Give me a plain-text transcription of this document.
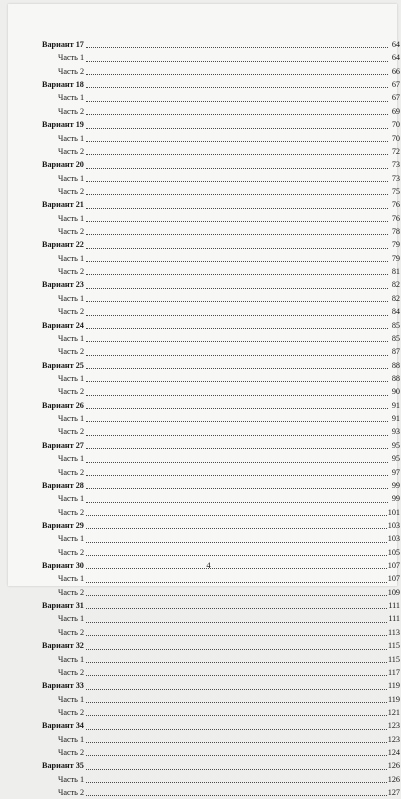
Вариант 17	64
Часть 1	64
Часть 2	66
Вариант 18	67
Часть 1	67
Часть 2	69
Вариант 19	70
Часть 1	70
Часть 2	72
Вариант 20	73
Часть 1	73
Часть 2	75
Вариант 21	76
Часть 1	76
Часть 2	78
Вариант 22	79
Часть 1	79
Часть 2	81
Вариант 23	82
Часть 1	82
Часть 2	84
Вариант 24	85
Часть 1	85
Часть 2	87
Вариант 25	88
Часть 1	88
Часть 2	90
Вариант 26	91
Часть 1	91
Часть 2	93
Вариант 27	95
Часть 1	95
Часть 2	97
Вариант 28	99
Часть 1	99
Часть 2	101
Вариант 29	103
Часть 1	103
Часть 2	105
Вариант 30	107
Часть 1	107
Часть 2	109
Вариант 31	111
Часть 1	111
Часть 2	113
Вариант 32	115
Часть 1	115
Часть 2	117
Вариант 33	119
Часть 1	119
Часть 2	121
Вариант 34	123
Часть 1	123
Часть 2	124
Вариант 35	126
Часть 1	126
Часть 2	127
4
